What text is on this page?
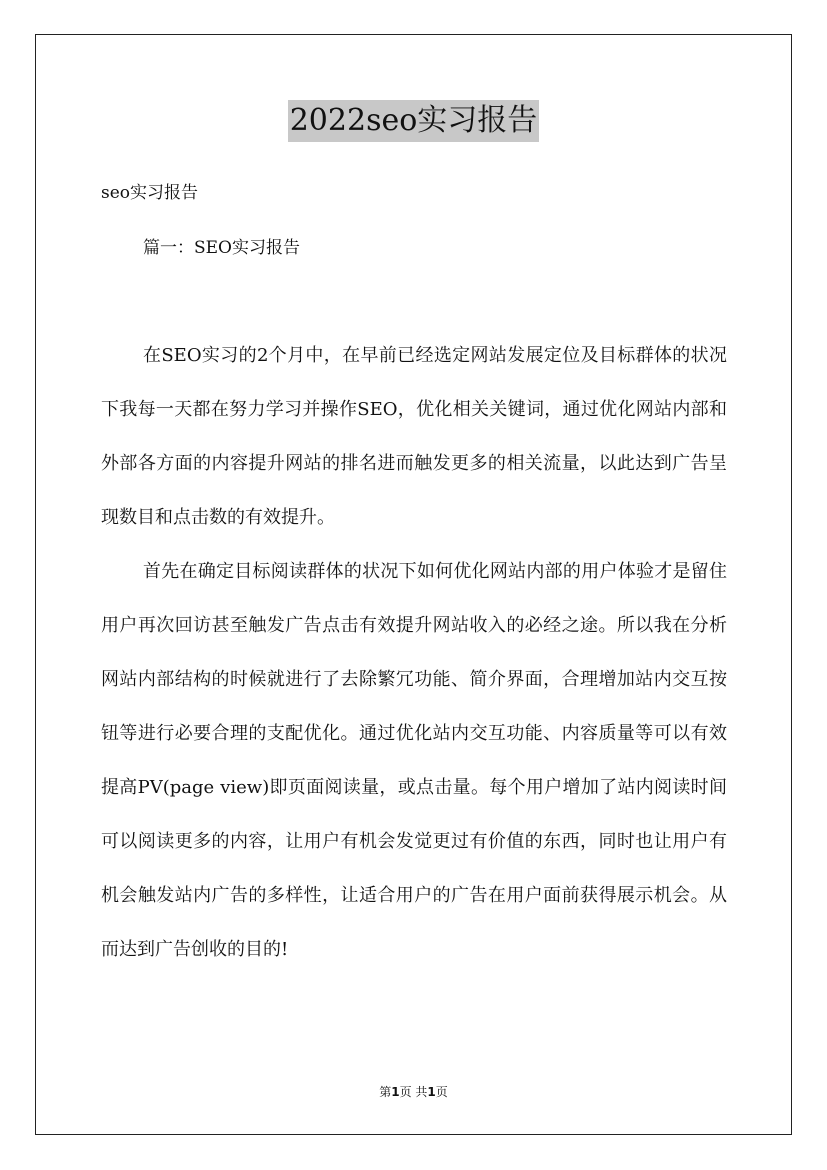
2022seo实习报告
seo实习报告
篇一：SEO实习报告

在SEO实习的2个月中，在早前已经选定网站发展定位及目标群体的状况下我每一天都在努力学习并操作SEO，优化相关关键词，通过优化网站内部和外部各方面的内容提升网站的排名进而触发更多的相关流量，以此达到广告呈现数目和点击数的有效提升。

首先在确定目标阅读群体的状况下如何优化网站内部的用户体验才是留住用户再次回访甚至触发广告点击有效提升网站收入的必经之途。所以我在分析网站内部结构的时候就进行了去除繁冗功能、简介界面，合理增加站内交互按钮等进行必要合理的支配优化。通过优化站内交互功能、内容质量等可以有效提高PV(page view)即页面阅读量，或点击量。每个用户增加了站内阅读时间可以阅读更多的内容，让用户有机会发觉更过有价值的东西，同时也让用户有机会触发站内广告的多样性，让适合用户的广告在用户面前获得展示机会。从而达到广告创收的目的!

第1页 共1页
